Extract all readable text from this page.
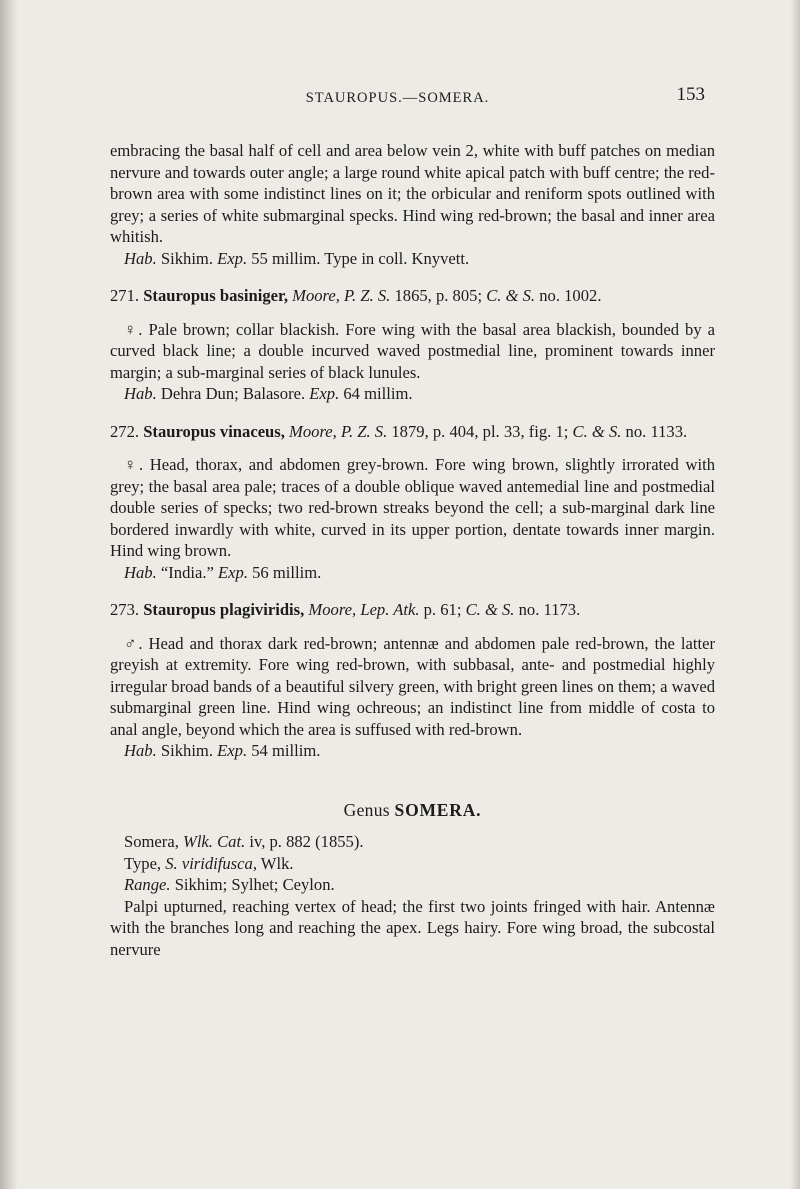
STAUROPUS.—SOMERA.	153

embracing the basal half of cell and area below vein 2, white with buff patches on median nervure and towards outer angle; a large round white apical patch with buff centre; the red-brown area with some indistinct lines on it; the orbicular and reniform spots outlined with grey; a series of white submarginal specks. Hind wing red-brown; the basal and inner area whitish.

Hab. Sikhim. Exp. 55 millim. Type in coll. Knyvett.

271. Stauropus basiniger, Moore, P. Z. S. 1865, p. 805; C. & S. no. 1002.

♀. Pale brown; collar blackish. Fore wing with the basal area blackish, bounded by a curved black line; a double incurved waved postmedial line, prominent towards inner margin; a sub-marginal series of black lunules.

Hab. Dehra Dun; Balasore. Exp. 64 millim.

272. Stauropus vinaceus, Moore, P. Z. S. 1879, p. 404, pl. 33, fig. 1; C. & S. no. 1133.

♀. Head, thorax, and abdomen grey-brown. Fore wing brown, slightly irrorated with grey; the basal area pale; traces of a double oblique waved antemedial line and postmedial double series of specks; two red-brown streaks beyond the cell; a sub-marginal dark line bordered inwardly with white, curved in its upper portion, dentate towards inner margin. Hind wing brown.

Hab. “India.” Exp. 56 millim.

273. Stauropus plagiviridis, Moore, Lep. Atk. p. 61; C. & S. no. 1173.

♂. Head and thorax dark red-brown; antennæ and abdomen pale red-brown, the latter greyish at extremity. Fore wing red-brown, with subbasal, ante- and postmedial highly irregular broad bands of a beautiful silvery green, with bright green lines on them; a waved submarginal green line. Hind wing ochreous; an indistinct line from middle of costa to anal angle, beyond which the area is suffused with red-brown.

Hab. Sikhim. Exp. 54 millim.

Genus SOMERA.

Somera, Wlk. Cat. iv, p. 882 (1855).

Type, S. viridifusca, Wlk.

Range. Sikhim; Sylhet; Ceylon.

Palpi upturned, reaching vertex of head; the first two joints fringed with hair. Antennæ with the branches long and reaching the apex. Legs hairy. Fore wing broad, the subcostal nervure
